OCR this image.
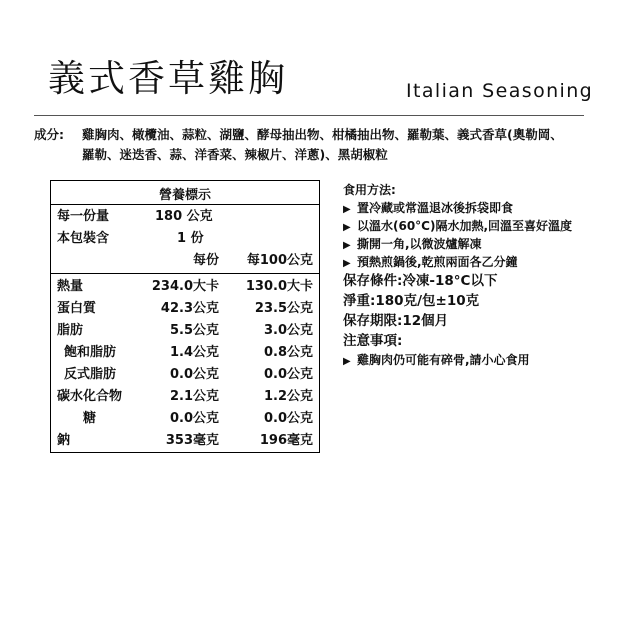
義式香草雞胸	Italian Seasoning
成分:	雞胸肉、橄欖油、蒜粒、湖鹽、酵母抽出物、柑橘抽出物、羅勒葉、義式香草(奧勒岡、
羅勒、迷迭香、蒜、洋香菜、辣椒片、洋蔥)、黑胡椒粒
營養標示
每一份量	180 公克
本包裝含	1 份
每份 每100公克
熱量	234.0大卡 130.0大卡
蛋白質	42.3公克	23.5公克
脂肪	5.5公克	3.0公克
飽和脂肪	1.4公克	0.8公克
反式脂肪	0.0公克	0.0公克
碳水化合物	2.1公克	1.2公克
糖	0.0公克	0.0公克
鈉	353毫克	196毫克
食用方法:
▶ 置冷藏或常溫退冰後拆袋即食
▶ 以溫水(60°C)隔水加熱,回溫至喜好溫度
▶ 撕開一角,以微波爐解凍
▶ 預熱煎鍋後,乾煎兩面各乙分鐘
保存條件:冷凍-18°C以下
淨重:180克/包±10克
保存期限:12個月
注意事項:
▶ 雞胸肉仍可能有碎骨,請小心食用
